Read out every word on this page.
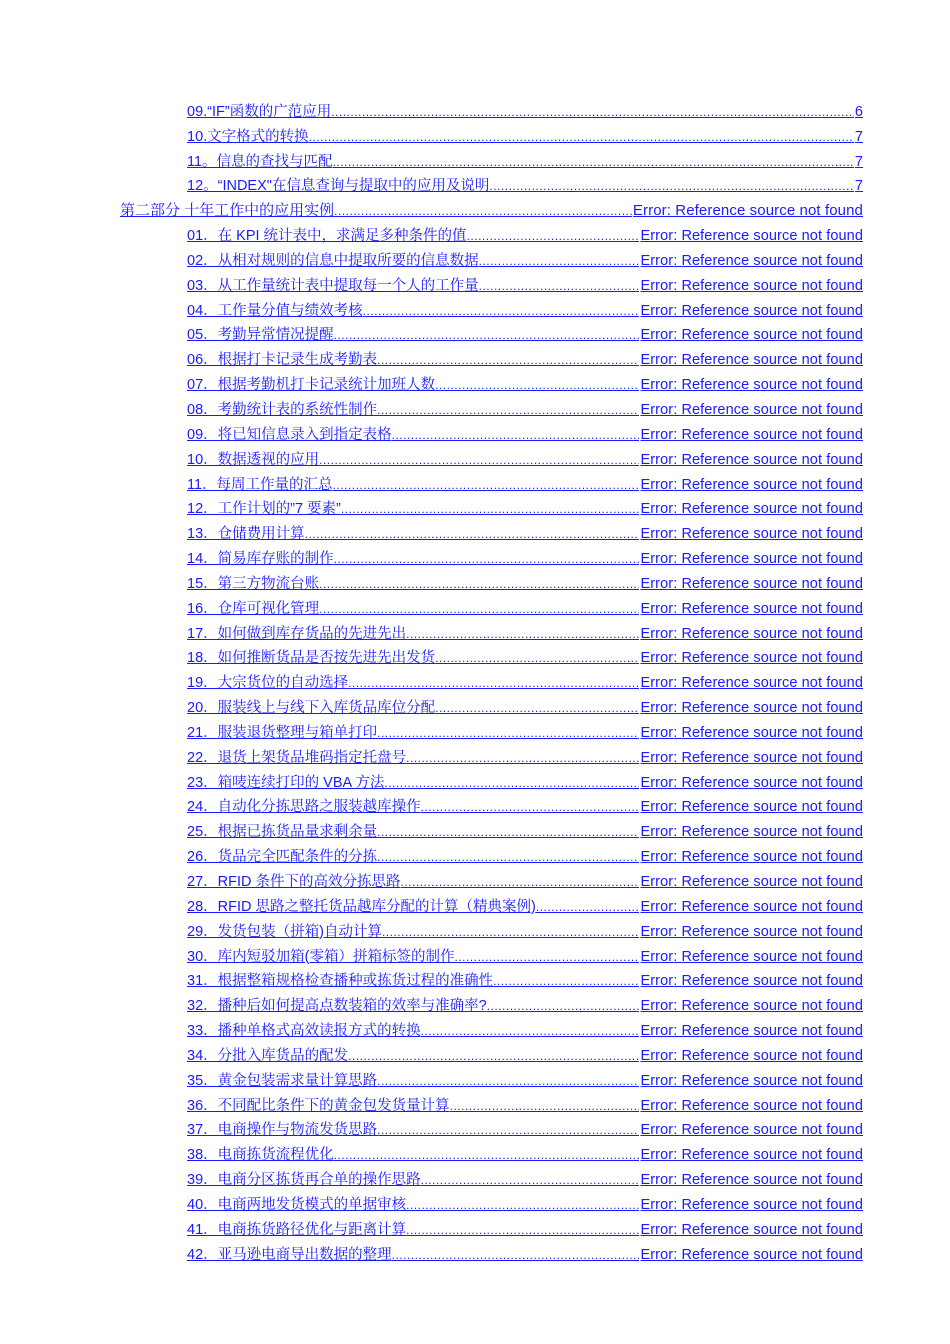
09.“IF”函数的广范应用 .....	6
10.文字格式的转换 .....	7
11。信息的查找与匹配 .....	7
12。“INDEX"在信息查询与提取中的应用及说明 .....	7
第二部分 十年工作中的应用实例 .....	Error: Reference source not found
01．在 KPI 统计表中，求满足多种条件的值 .....	Error: Reference source not found
02．从相对规则的信息中提取所要的信息数据 .....	Error: Reference source not found
03．从工作量统计表中提取每一个人的工作量 .....	Error: Reference source not found
04．工作量分值与绩效考核 .....	Error: Reference source not found
05．考勤异常情况提醒 .....	Error: Reference source not found
06．根据打卡记录生成考勤表 .....	Error: Reference source not found
07．根据考勤机打卡记录统计加班人数 .....	Error: Reference source not found
08．考勤统计表的系统性制作 .....	Error: Reference source not found
09．将已知信息录入到指定表格 .....	Error: Reference source not found
10．数据透视的应用 .....	Error: Reference source not found
11．每周工作量的汇总 .....	Error: Reference source not found
12．工作计划的”7 要素” .....	Error: Reference source not found
13．仓储费用计算 .....	Error: Reference source not found
14．简易库存账的制作 .....	Error: Reference source not found
15．第三方物流台账 .....	Error: Reference source not found
16．仓库可视化管理 .....	Error: Reference source not found
17．如何做到库存货品的先进先出 .....	Error: Reference source not found
18．如何推断货品是否按先进先出发货 .....	Error: Reference source not found
19．大宗货位的自动选择 .....	Error: Reference source not found
20．服装线上与线下入库货品库位分配 .....	Error: Reference source not found
21．服装退货整理与箱单打印 .....	Error: Reference source not found
22．退货上架货品堆码指定托盘号 .....	Error: Reference source not found
23．箱唛连续打印的 VBA 方法 .....	Error: Reference source not found
24．自动化分拣思路之服装越库操作 .....	Error: Reference source not found
25．根据已拣货品量求剩余量 .....	Error: Reference source not found
26．货品完全匹配条件的分拣 .....	Error: Reference source not found
27．RFID 条件下的高效分拣思路 .....	Error: Reference source not found
28．RFID 思路之整托货品越库分配的计算（精典案例) .....	Error: Reference source not found
29．发货包装（拼箱)自动计算 .....	Error: Reference source not found
30．库内短驳加箱(零箱）拼箱标签的制作 .....	Error: Reference source not found
31．根据整箱规格检查播种或拣货过程的准确性 .....	Error: Reference source not found
32．播种后如何提高点数装箱的效率与准确率? .....	Error: Reference source not found
33．播种单格式高效读报方式的转换 .....	Error: Reference source not found
34．分批入库货品的配发 .....	Error: Reference source not found
35．黄金包装需求量计算思路 .....	Error: Reference source not found
36．不同配比条件下的黄金包发货量计算 .....	Error: Reference source not found
37．电商操作与物流发货思路 .....	Error: Reference source not found
38．电商拣货流程优化 .....	Error: Reference source not found
39．电商分区拣货再合单的操作思路 .....	Error: Reference source not found
40．电商两地发货模式的单据审核 .....	Error: Reference source not found
41．电商拣货路径优化与距离计算 .....	Error: Reference source not found
42．亚马逊电商导出数据的整理 .....	Error: Reference source not found
